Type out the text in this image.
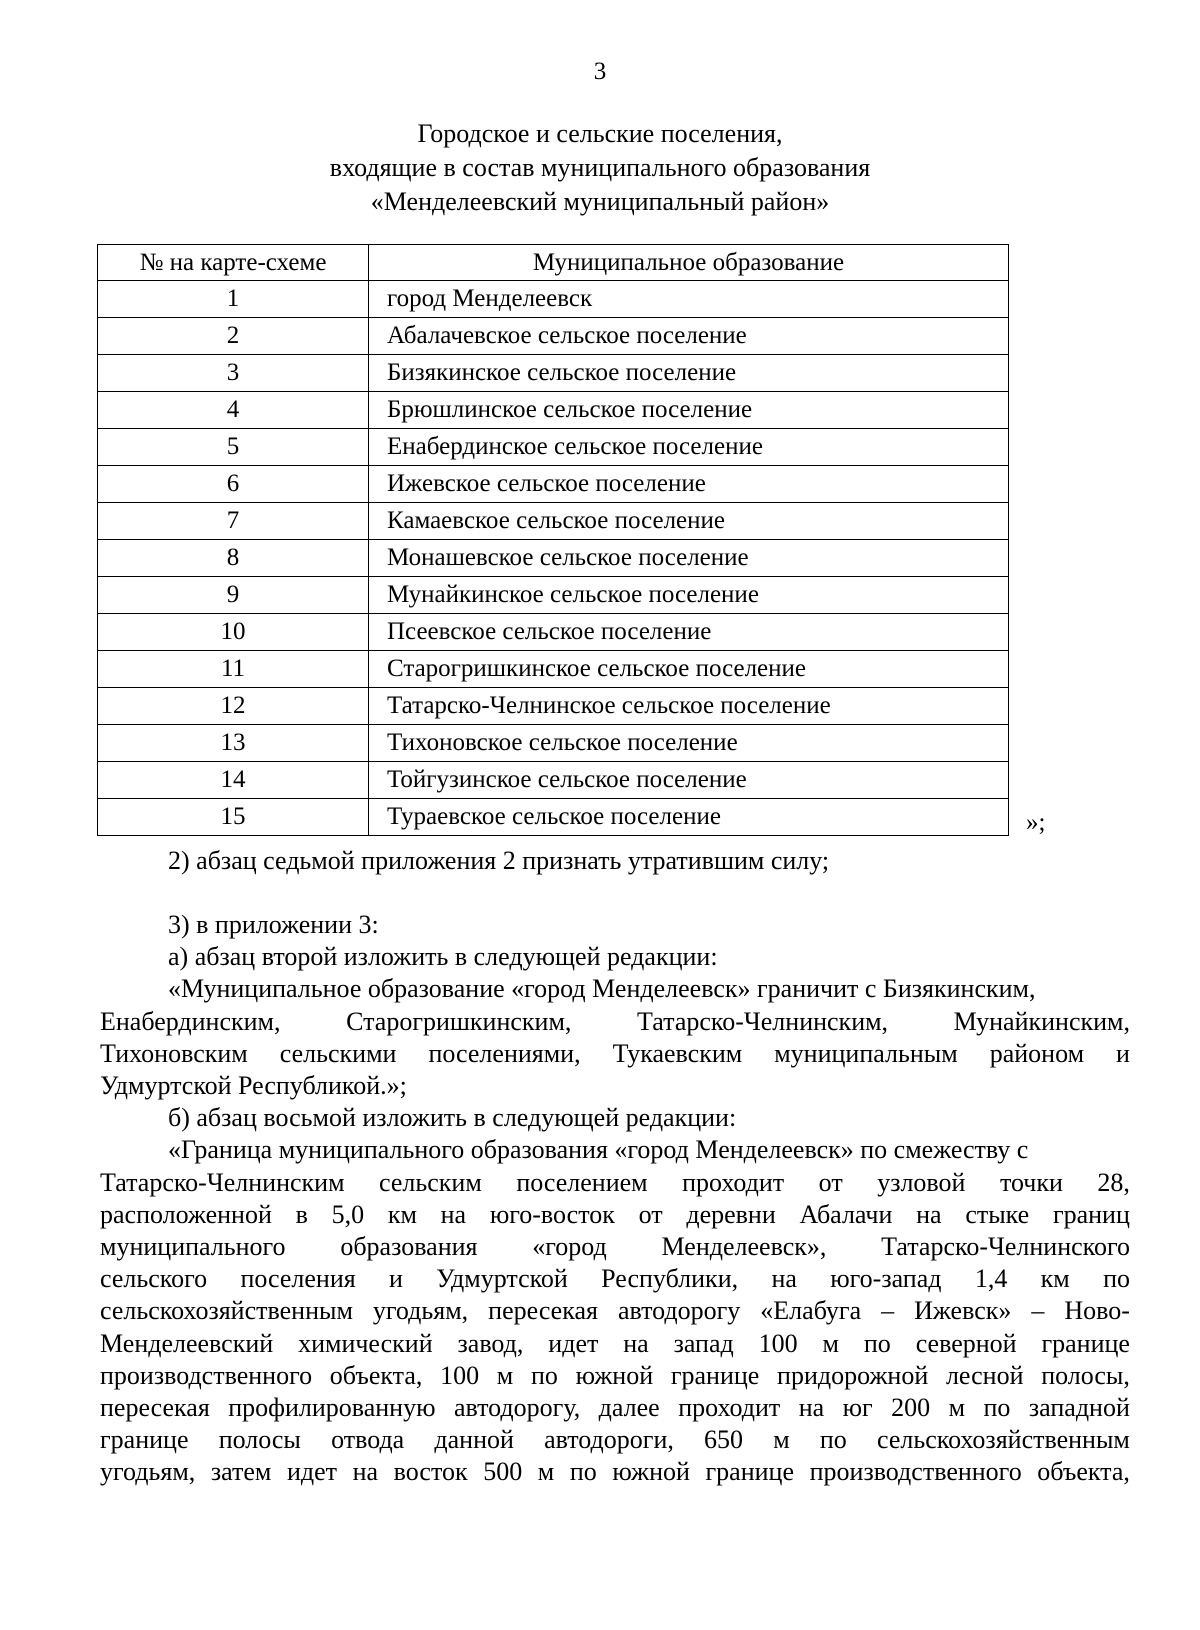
3
Городское и сельские поселения,
входящие в состав муниципального образования
«Менделеевский муниципальный район»
№ на карте-схеме	Муниципальное образование
1	город Менделеевск
2	Абалачевское сельское поселение
3	Бизякинское сельское поселение
4	Брюшлинское сельское поселение
5	Енабердинское сельское поселение
6	Ижевское сельское поселение
7	Камаевское сельское поселение
8	Монашевское сельское поселение
9	Мунайкинское сельское поселение
10	Псеевское сельское поселение
11	Старогришкинское сельское поселение
12	Татарско-Челнинское сельское поселение
13	Тихоновское сельское поселение
14	Тойгузинское сельское поселение
15	Тураевское сельское поселение	»;

2) абзац седьмой приложения 2 признать утратившим силу;

3) в приложении 3:

а) абзац второй изложить в следующей редакции:

«Муниципальное образование «город Менделеевск» граничит с Бизякинским,

Енабердинским,	Старогришкинским,	Татарско-Челнинским,	Мунайкинским,
Тихоновским сельскими поселениями, Тукаевским муниципальным районом и

Удмуртской Республикой.»;

б) абзац восьмой изложить в следующей редакции:

«Граница муниципального образования «город Менделеевск» по смежеству с

Татарско-Челнинским сельским поселением проходит от узловой точки 28,
расположенной в 5,0 км на юго-восток от деревни Абалачи на стыке границ
муниципального образования «город Менделеевск», Татарско-Челнинского
сельского поселения и Удмуртской Республики, на юго-запад 1,4 км по
сельскохозяйственным угодьям, пересекая автодорогу «Елабуга – Ижевск» – Ново-
Менделеевский химический завод, идет на запад 100 м по северной границе
производственного объекта, 100 м по южной границе придорожной лесной полосы,
пересекая профилированную автодорогу, далее проходит на юг 200 м по западной
границе полосы отвода данной автодороги, 650 м по сельскохозяйственным
угодьям, затем идет на восток 500 м по южной границе производственного объекта,
